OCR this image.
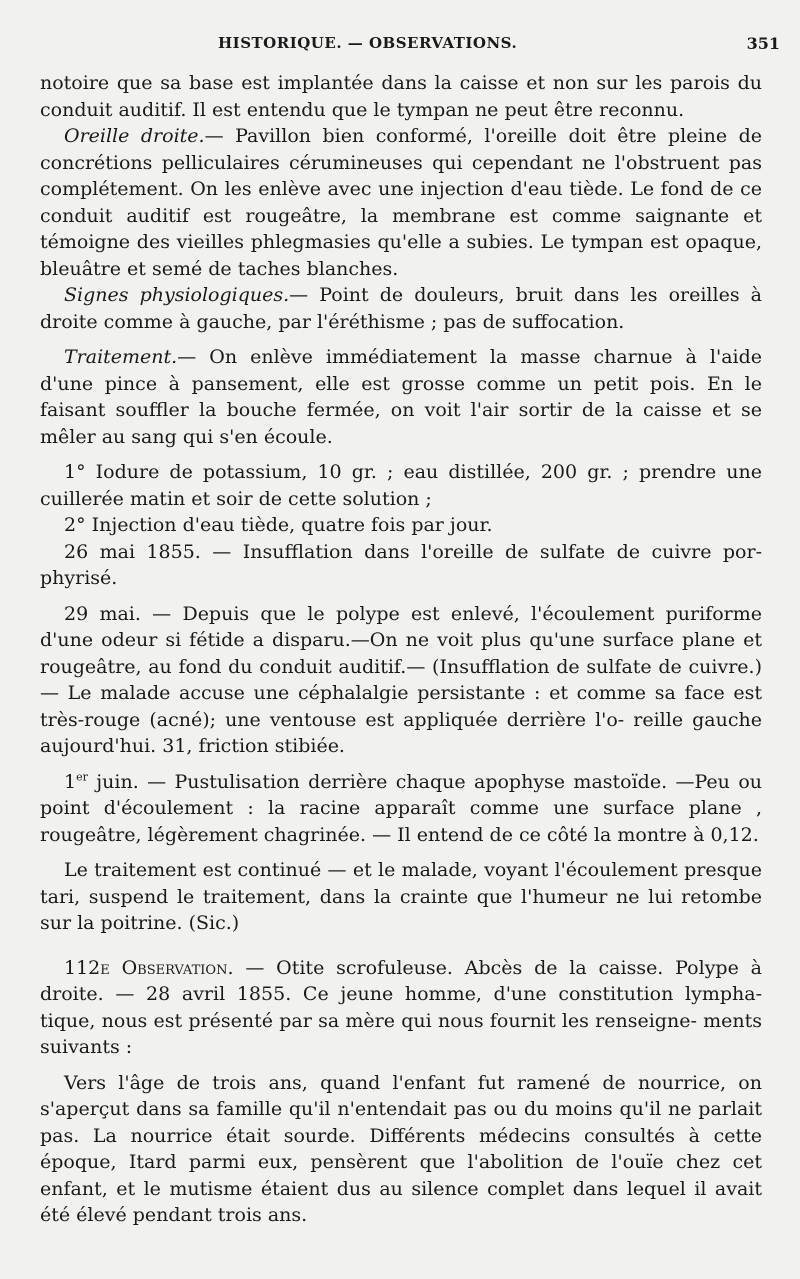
HISTORIQUE. — OBSERVATIONS.	351

notoire que sa base est implantée dans la caisse et non sur les parois du conduit auditif. Il est entendu que le tympan ne peut être reconnu.

Oreille droite.— Pavillon bien conformé, l'oreille doit être pleine de concrétions pelliculaires cérumineuses qui cependant ne l'obstruent pas complétement. On les enlève avec une injection d'eau tiède. Le fond de ce conduit auditif est rougeâtre, la membrane est comme saignante et témoigne des vieilles phlegmasies qu'elle a subies. Le tympan est opaque, bleuâtre et semé de taches blanches.

Signes physiologiques.— Point de douleurs, bruit dans les oreilles à droite comme à gauche, par l'éréthisme ; pas de suffocation.

Traitement.— On enlève immédiatement la masse charnue à l'aide d'une pince à pansement, elle est grosse comme un petit pois. En le faisant souffler la bouche fermée, on voit l'air sortir de la caisse et se mêler au sang qui s'en écoule.

1° Iodure de potassium, 10 gr. ; eau distillée, 200 gr. ; prendre une cuillerée matin et soir de cette solution ;

2° Injection d'eau tiède, quatre fois par jour.

26 mai 1855. — Insufflation dans l'oreille de sulfate de cuivre por- phyrisé.

29 mai. — Depuis que le polype est enlevé, l'écoulement puriforme d'une odeur si fétide a disparu.—On ne voit plus qu'une surface plane et rougeâtre, au fond du conduit auditif.— (Insufflation de sulfate de cuivre.) — Le malade accuse une céphalalgie persistante : et comme sa face est très-rouge (acné); une ventouse est appliquée derrière l'o- reille gauche aujourd'hui. 31, friction stibiée.

1er juin. — Pustulisation derrière chaque apophyse mastoïde. —Peu ou point d'écoulement : la racine apparaît comme une surface plane , rougeâtre, légèrement chagrinée. — Il entend de ce côté la montre à 0,12.

Le traitement est continué — et le malade, voyant l'écoulement presque tari, suspend le traitement, dans la crainte que l'humeur ne lui retombe sur la poitrine. (Sic.)

112e Observation. — Otite scrofuleuse. Abcès de la caisse. Polype à droite. — 28 avril 1855. Ce jeune homme, d'une constitution lympha- tique, nous est présenté par sa mère qui nous fournit les renseigne- ments suivants :

Vers l'âge de trois ans, quand l'enfant fut ramené de nourrice, on s'aperçut dans sa famille qu'il n'entendait pas ou du moins qu'il ne parlait pas. La nourrice était sourde. Différents médecins consultés à cette époque, Itard parmi eux, pensèrent que l'abolition de l'ouïe chez cet enfant, et le mutisme étaient dus au silence complet dans lequel il avait été élevé pendant trois ans.
